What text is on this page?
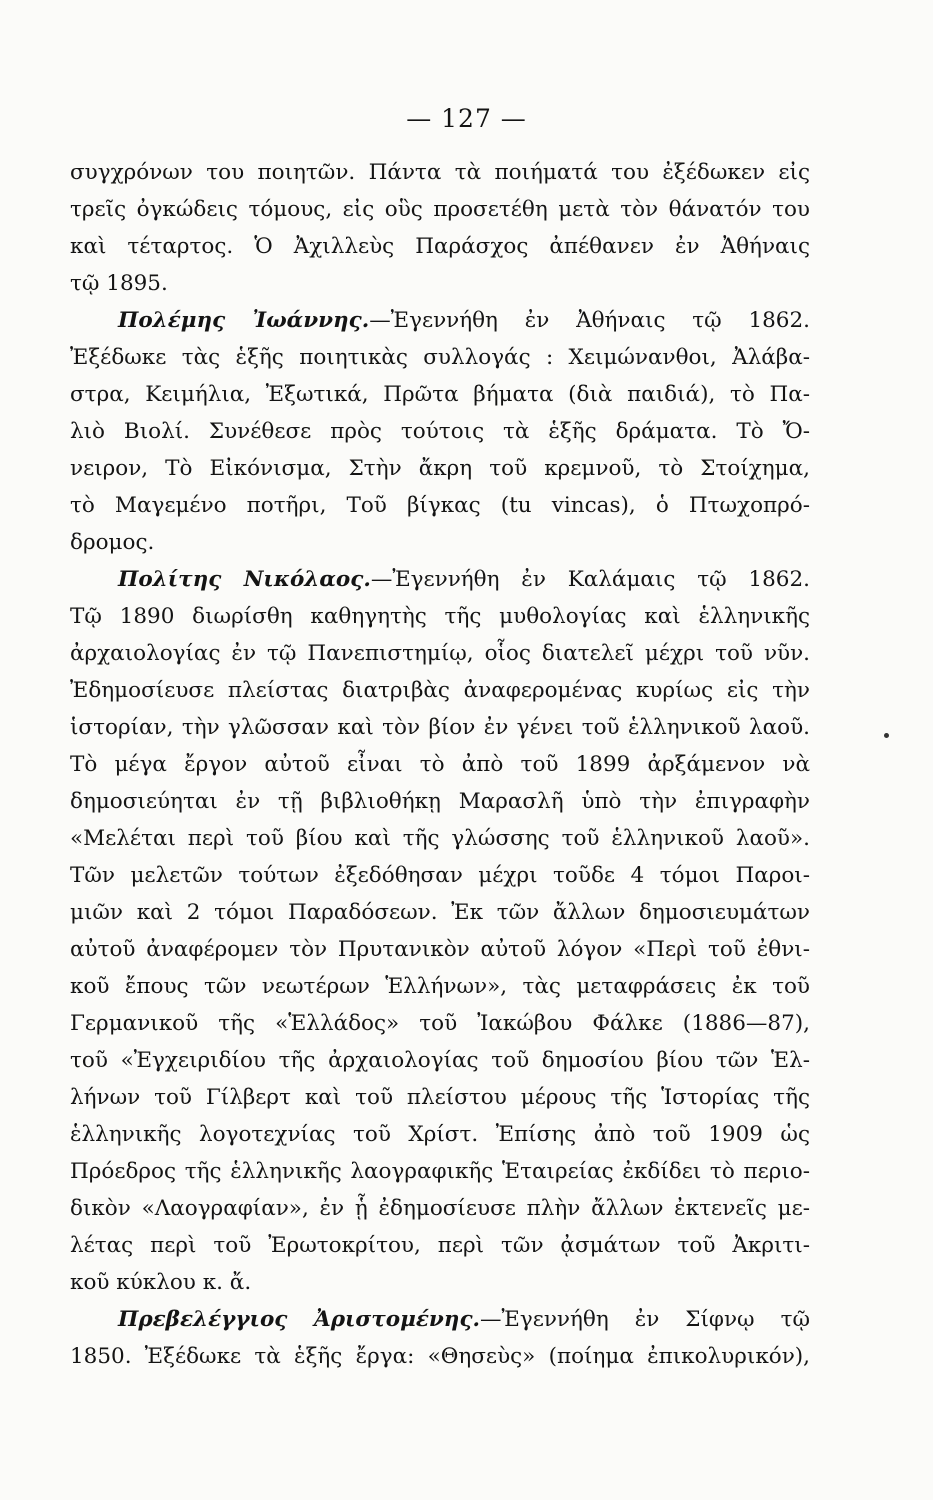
— 127 —
συγχρόνων του ποιητῶν. Πάντα τὰ ποιήματά του ἐξέδωκεν εἰς
τρεῖς ὀγκώδεις τόμους, εἰς οὓς προσετέθη μετὰ τὸν θάνατόν του
καὶ τέταρτος. Ὁ Ἀχιλλεὺς Παράσχος ἀπέθανεν ἐν Ἀθήναις
τῷ 1895.
Πολέμης Ἰωάννης.—Ἐγεννήθη ἐν Ἀθήναις τῷ 1862.
Ἐξέδωκε τὰς ἑξῆς ποιητικὰς συλλογάς : Χειμώνανθοι, Ἀλάβα-
στρα, Κειμήλια, Ἐξωτικά, Πρῶτα βήματα (διὰ παιδιά), τὸ Πα-
λιὸ Βιολί. Συνέθεσε πρὸς τούτοις τὰ ἑξῆς δράματα. Τὸ Ὄ-
νειρον, Τὸ Εἰκόνισμα, Στὴν ἄκρη τοῦ κρεμνοῦ, τὸ Στοίχημα,
τὸ Μαγεμένο ποτῆρι, Τοῦ βίγκας (tu vincas), ὁ Πτωχοπρό-
δρομος.
Πολίτης Νικόλαος.—Ἐγεννήθη ἐν Καλάμαις τῷ 1862.
Τῷ 1890 διωρίσθη καθηγητὴς τῆς μυθολογίας καὶ ἑλληνικῆς
ἀρχαιολογίας ἐν τῷ Πανεπιστημίῳ, οἷος διατελεῖ μέχρι τοῦ νῦν.
Ἐδημοσίευσε πλείστας διατριβὰς ἀναφερομένας κυρίως εἰς τὴν
ἱστορίαν, τὴν γλῶσσαν καὶ τὸν βίον ἐν γένει τοῦ ἑλληνικοῦ λαοῦ.
Τὸ μέγα ἔργον αὐτοῦ εἶναι τὸ ἀπὸ τοῦ 1899 ἀρξάμενον νὰ
δημοσιεύηται ἐν τῇ βιβλιοθήκῃ Μαρασλῆ ὑπὸ τὴν ἐπιγραφὴν
«Μελέται περὶ τοῦ βίου καὶ τῆς γλώσσης τοῦ ἑλληνικοῦ λαοῦ».
Τῶν μελετῶν τούτων ἐξεδόθησαν μέχρι τοῦδε 4 τόμοι Παροι-
μιῶν καὶ 2 τόμοι Παραδόσεων. Ἐκ τῶν ἄλλων δημοσιευμάτων
αὐτοῦ ἀναφέρομεν τὸν Πρυτανικὸν αὐτοῦ λόγον «Περὶ τοῦ ἐθνι-
κοῦ ἔπους τῶν νεωτέρων Ἑλλήνων», τὰς μεταφράσεις ἐκ τοῦ
Γερμανικοῦ τῆς «Ἑλλάδος» τοῦ Ἰακώβου Φάλκε (1886—87),
τοῦ «Ἐγχειριδίου τῆς ἀρχαιολογίας τοῦ δημοσίου βίου τῶν Ἑλ-
λήνων τοῦ Γίλβερτ καὶ τοῦ πλείστου μέρους τῆς Ἱστορίας τῆς
ἑλληνικῆς λογοτεχνίας τοῦ Χρίστ. Ἐπίσης ἀπὸ τοῦ 1909 ὡς
Πρόεδρος τῆς ἑλληνικῆς λαογραφικῆς Ἑταιρείας ἐκδίδει τὸ περιο-
δικὸν «Λαογραφίαν», ἐν ᾗ ἐδημοσίευσε πλὴν ἄλλων ἐκτενεῖς με-
λέτας περὶ τοῦ Ἐρωτοκρίτου, περὶ τῶν ᾀσμάτων τοῦ Ἀκριτι-
κοῦ κύκλου κ. ἄ.
Πρεβελέγγιος Ἀριστομένης.—Ἐγεννήθη ἐν Σίφνῳ τῷ
1850. Ἐξέδωκε τὰ ἑξῆς ἔργα: «Θησεὺς» (ποίημα ἐπικολυρικόν),
